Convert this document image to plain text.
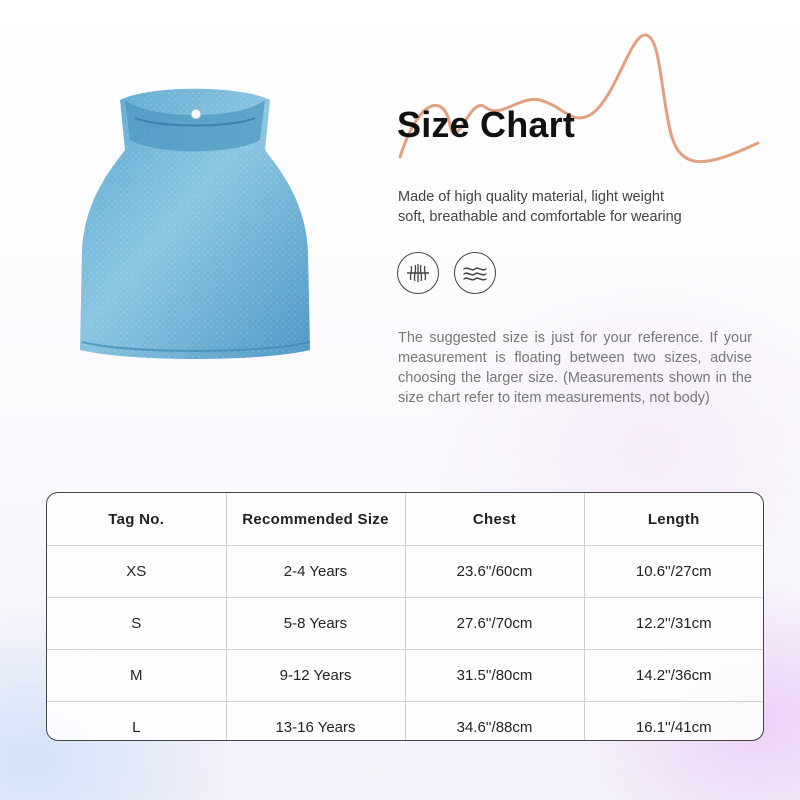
Size Chart
Made of high quality material, light weight
soft, breathable and comfortable for wearing
The suggested size is just for your reference. If your measurement is floating between two sizes, advise choosing the larger size. (Measurements shown in the size chart refer to item measurements, not body)
Tag No.	Recommended Size	Chest	Length
XS	2-4 Years	23.6''/60cm	10.6''/27cm
S	5-8 Years	27.6''/70cm	12.2''/31cm
M	9-12 Years	31.5''/80cm	14.2''/36cm
L	13-16 Years	34.6''/88cm	16.1''/41cm
